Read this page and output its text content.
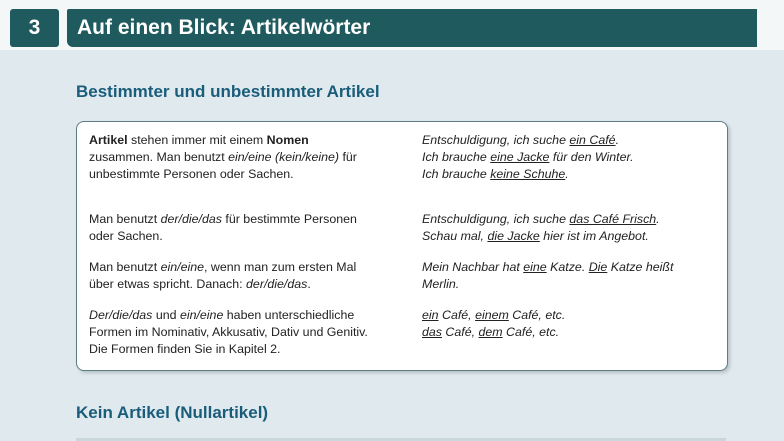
3	Auf einen Blick: Artikelwörter
Bestimmter und unbestimmter Artikel
Artikel stehen immer mit einem Nomen
zusammen. Man benutzt ein/eine (kein/keine) für
unbestimmte Personen oder Sachen.
Man benutzt der/die/das für bestimmte Personen
oder Sachen.
Man benutzt ein/eine, wenn man zum ersten Mal
über etwas spricht. Danach: der/die/das.
Der/die/das und ein/eine haben unterschiedliche
Formen im Nominativ, Akkusativ, Dativ und Genitiv.
Die Formen finden Sie in Kapitel 2.
Entschuldigung, ich suche ein Café.
Ich brauche eine Jacke für den Winter.
Ich brauche keine Schuhe.
Entschuldigung, ich suche das Café Frisch.
Schau mal, die Jacke hier ist im Angebot.
Mein Nachbar hat eine Katze. Die Katze heißt
Merlin.
ein Café, einem Café, etc.
das Café, dem Café, etc.
Kein Artikel (Nullartikel)
